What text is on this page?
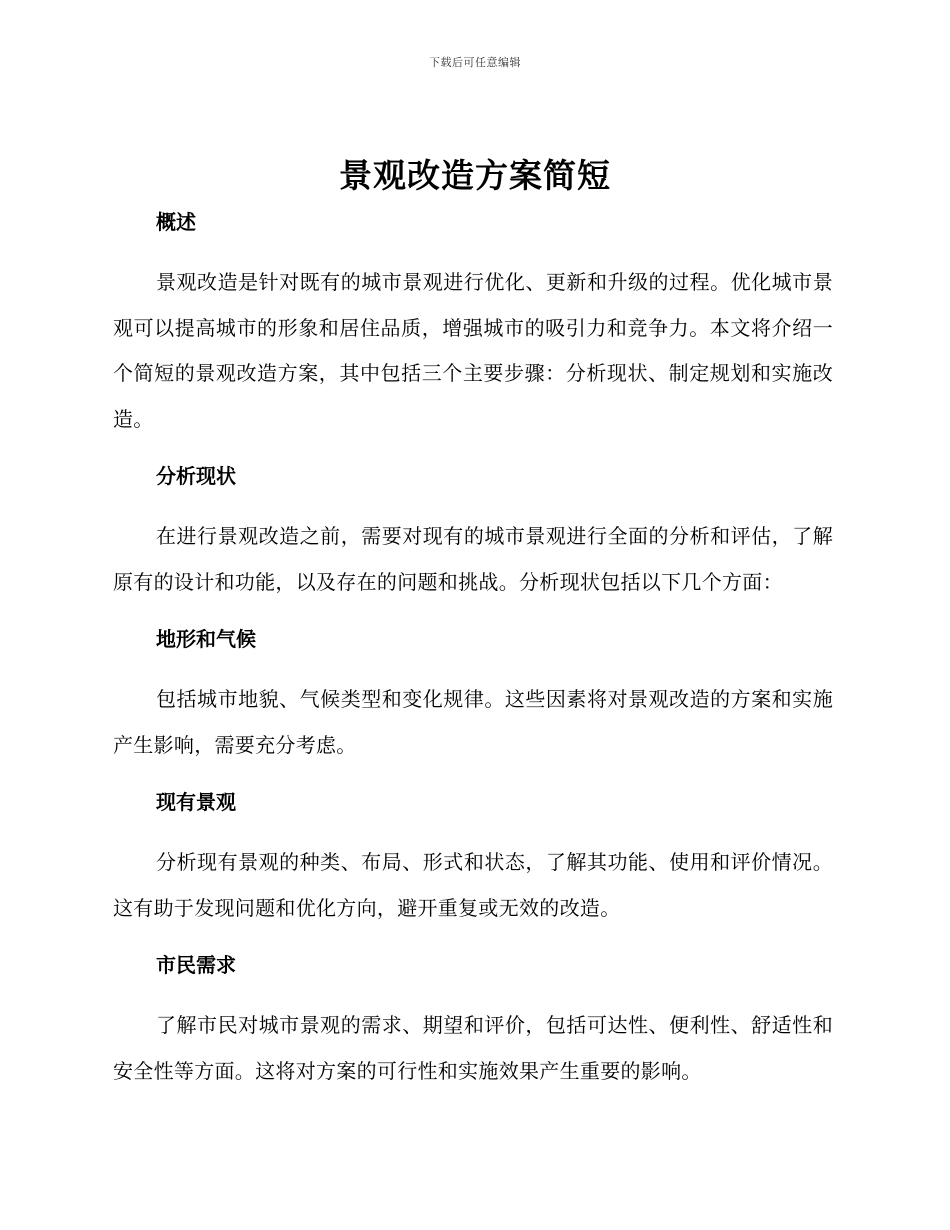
下载后可任意编辑
景观改造方案简短
概述

景观改造是针对既有的城市景观进行优化、更新和升级的过程。优化城市景观可以提高城市的形象和居住品质，增强城市的吸引力和竞争力。本文将介绍一个简短的景观改造方案，其中包括三个主要步骤：分析现状、制定规划和实施改造。

分析现状

在进行景观改造之前，需要对现有的城市景观进行全面的分析和评估，了解原有的设计和功能，以及存在的问题和挑战。分析现状包括以下几个方面：

地形和气候

包括城市地貌、气候类型和变化规律。这些因素将对景观改造的方案和实施产生影响，需要充分考虑。

现有景观

分析现有景观的种类、布局、形式和状态，了解其功能、使用和评价情况。这有助于发现问题和优化方向，避开重复或无效的改造。

市民需求

了解市民对城市景观的需求、期望和评价，包括可达性、便利性、舒适性和安全性等方面。这将对方案的可行性和实施效果产生重要的影响。
